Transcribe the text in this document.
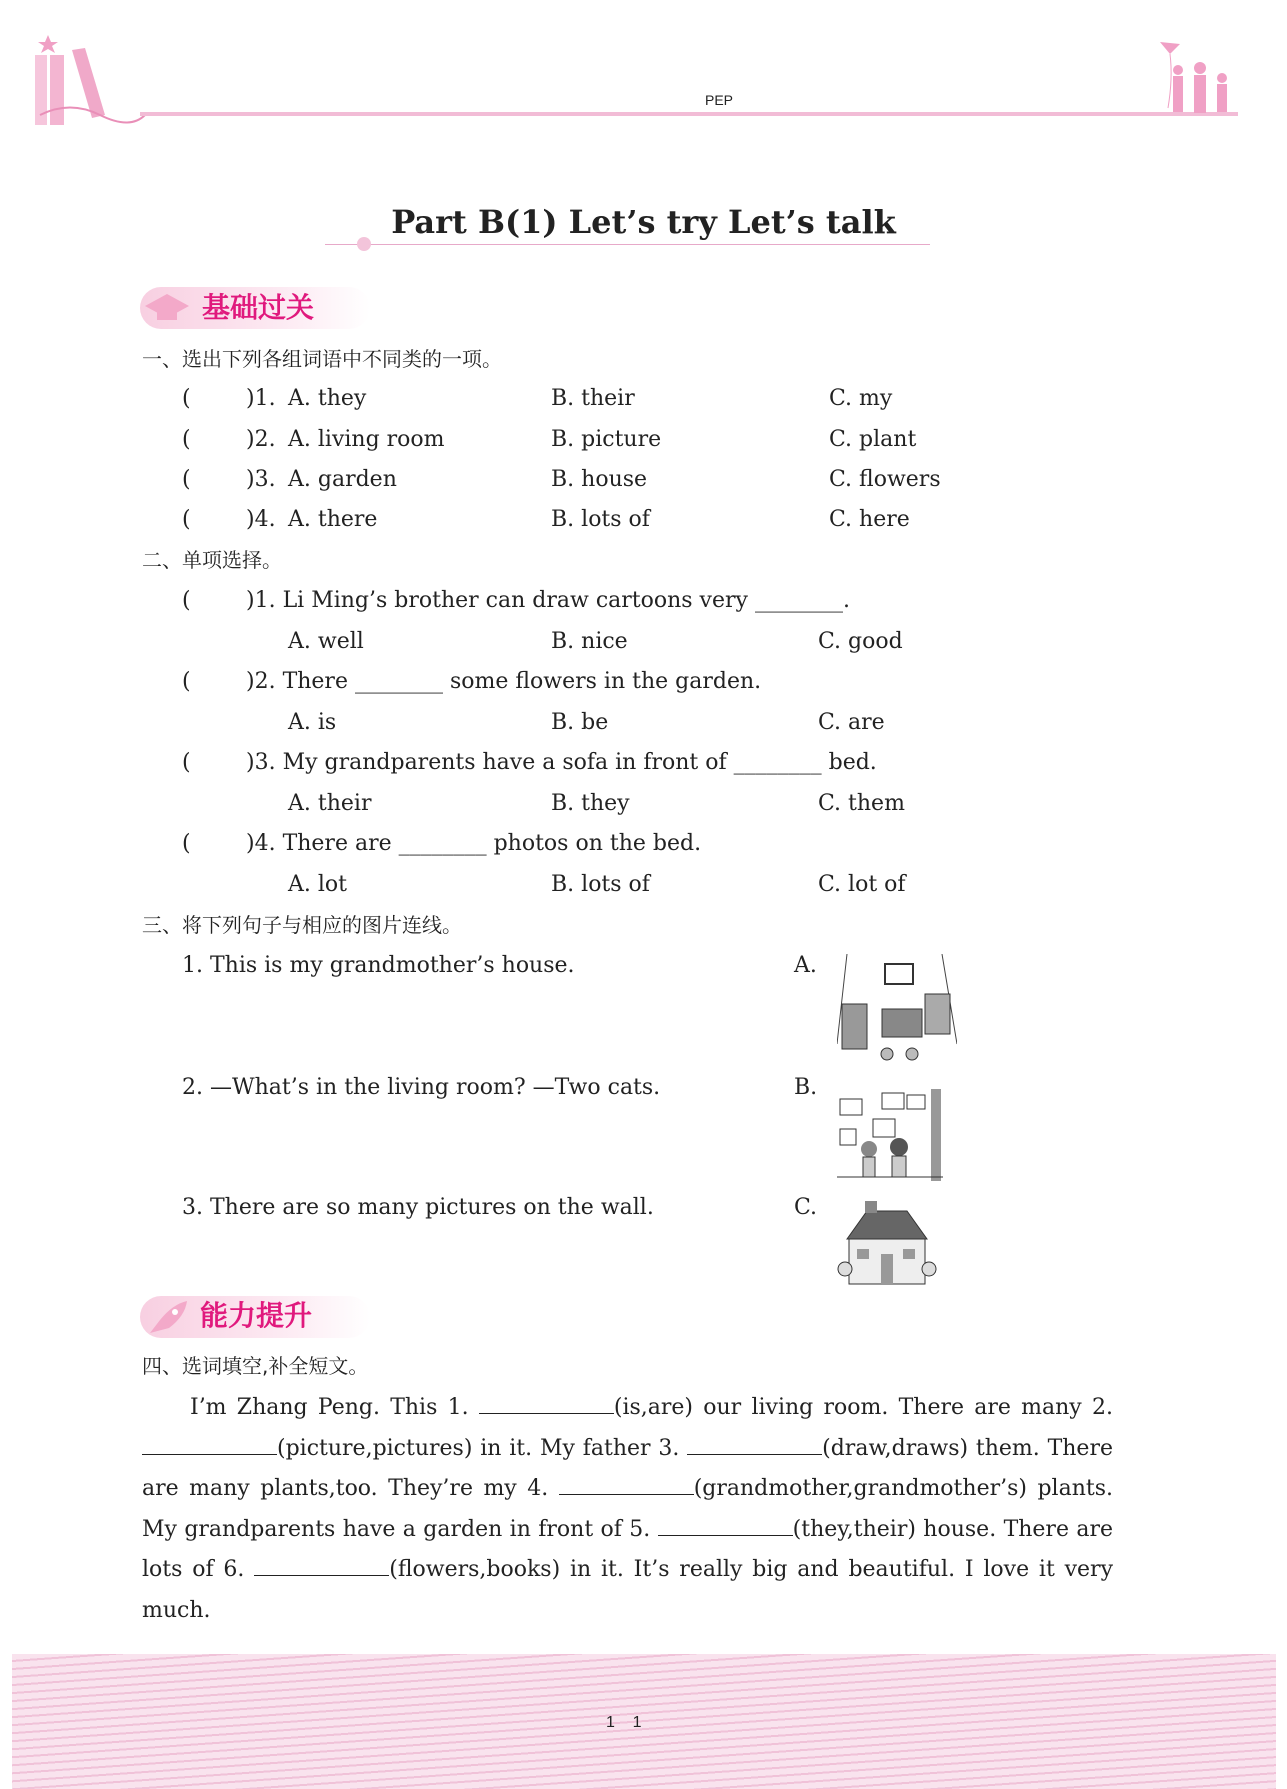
PEP
Part B(1) Let’s try Let’s talk
基础过关
一、选出下列各组词语中不同类的一项。
(	)1. A. they	B. their	C. my
(	)2. A. living room	B. picture	C. plant
(	)3. A. garden	B. house	C. flowers
(	)4. A. there	B. lots of	C. here
二、单项选择。
(	)1. Li Ming’s brother can draw cartoons very ________.
A. well	B. nice	C. good
(	)2. There ________ some flowers in the garden.
A. is	B. be	C. are
(	)3. My grandparents have a sofa in front of ________ bed.
A. their	B. they	C. them
(	)4. There are ________ photos on the bed.
A. lot	B. lots of	C. lot of
三、将下列句子与相应的图片连线。
1. This is my grandmother’s house.
2. —What’s in the living room? —Two cats.
3. There are so many pictures on the wall.
A.
B.
C.
能力提升
四、选词填空,补全短文。
I’m Zhang Peng. This 1.	(is,are) our living room. There are many 2. (picture,pictures) in it. My father 3.	(draw,draws) them. There are many plants,too. They’re my 4.	(grandmother,grandmother’s) plants. My grandparents have a garden in front of 5.	(they,their) house. There are lots of 6.	(flowers,books) in it. It’s really big and beautiful. I love it very much.
1    1
